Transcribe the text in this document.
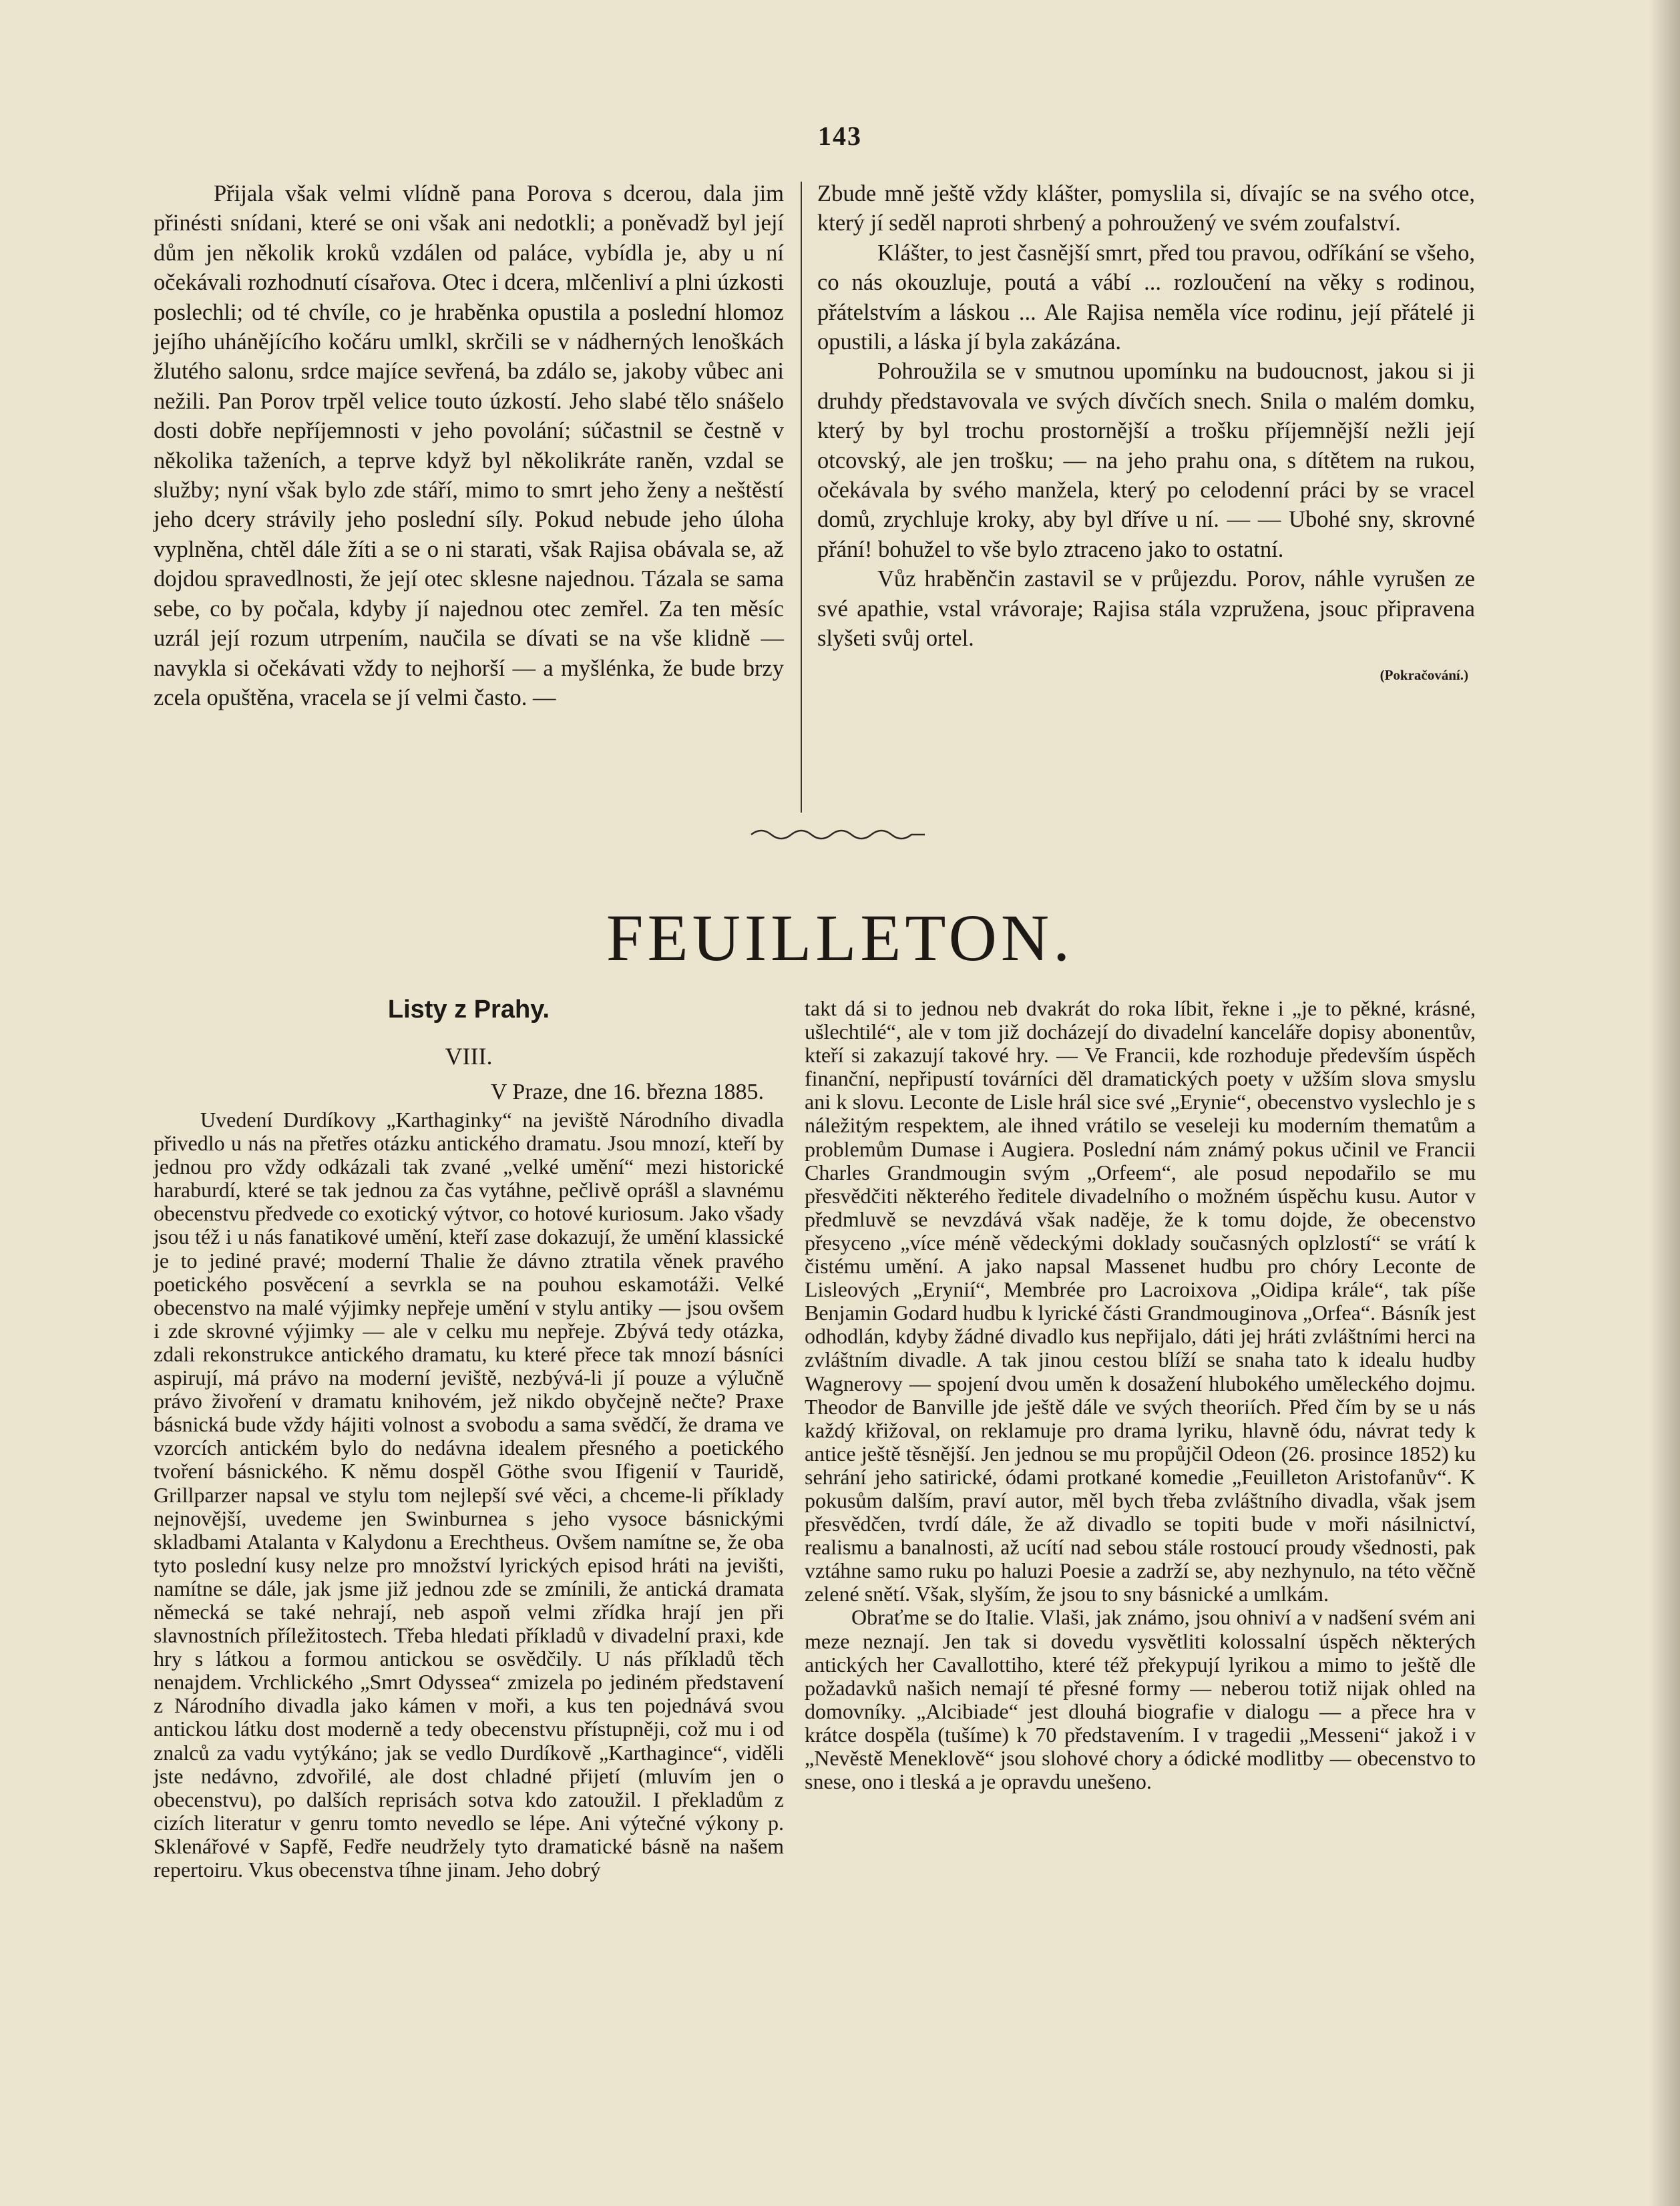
143

Přijala však velmi vlídně pana Porova s dcerou, dala jim přinésti snídani, které se oni však ani nedotkli; a poněvadž byl její dům jen několik kroků vzdálen od paláce, vybídla je, aby u ní očekávali rozhodnutí císařova. Otec i dcera, mlčenliví a plni úzkosti poslechli; od té chvíle, co je hraběnka opustila a poslední hlomoz jejího uhánějícího kočáru umlkl, skrčili se v nádherných lenoškách žlutého salonu, srdce majíce sevřená, ba zdálo se, jakoby vůbec ani nežili. Pan Porov trpěl velice touto úzkostí. Jeho slabé tělo snášelo dosti dobře nepříjemnosti v jeho povolání; súčastnil se čestně v několika taženích, a teprve když byl několikráte raněn, vzdal se služby; nyní však bylo zde stáří, mimo to smrt jeho ženy a neštěstí jeho dcery strávily jeho poslední síly. Pokud nebude jeho úloha vyplněna, chtěl dále žíti a se o ni starati, však Rajisa obávala se, až dojdou spravedlnosti, že její otec sklesne najednou. Tázala se sama sebe, co by počala, kdyby jí najednou otec zemřel. Za ten měsíc uzrál její rozum utrpením, naučila se dívati se na vše klidně — navykla si očekávati vždy to nejhorší — a myšlénka, že bude brzy zcela opuštěna, vracela se jí velmi často. —

Zbude mně ještě vždy klášter, pomyslila si, dívajíc se na svého otce, který jí seděl naproti shrbený a pohroužený ve svém zoufalství.

Klášter, to jest časnější smrt, před tou pravou, odříkání se všeho, co nás okouzluje, poutá a vábí ... rozloučení na věky s rodinou, přátelstvím a láskou ... Ale Rajisa neměla více rodinu, její přátelé ji opustili, a láska jí byla zakázána.

Pohroužila se v smutnou upomínku na budoucnost, jakou si ji druhdy představovala ve svých dívčích snech. Snila o malém domku, který by byl trochu prostornější a trošku příjemnější nežli její otcovský, ale jen trošku; — na jeho prahu ona, s dítětem na rukou, očekávala by svého manžela, který po celodenní práci by se vracel domů, zrychluje kroky, aby byl dříve u ní. — — Ubohé sny, skrovné přání! bohužel to vše bylo ztraceno jako to ostatní.

Vůz hraběnčin zastavil se v průjezdu. Porov, náhle vyrušen ze své apathie, vstal vrávoraje; Rajisa stála vzpružena, jsouc připravena slyšeti svůj ortel.

(Pokračování.)
FEUILLETON.
Listy z Prahy.
VIII.
V Praze, dne 16. března 1885.

Uvedení Durdíkovy „Karthaginky“ na jeviště Národního divadla přivedlo u nás na přetřes otázku antického dramatu. Jsou mnozí, kteří by jednou pro vždy odkázali tak zvané „velké umění“ mezi historické haraburdí, které se tak jednou za čas vytáhne, pečlivě oprášl a slavnému obecenstvu předvede co exotický výtvor, co hotové kuriosum. Jako všady jsou též i u nás fanatikové umění, kteří zase dokazují, že umění klassické je to jediné pravé; moderní Thalie že dávno ztratila věnek pravého poetického posvěcení a sevrkla se na pouhou eskamotáži. Velké obecenstvo na malé výjimky nepřeje umění v stylu antiky — jsou ovšem i zde skrovné výjimky — ale v celku mu nepřeje. Zbývá tedy otázka, zdali rekonstrukce antického dramatu, ku které přece tak mnozí básníci aspirují, má právo na moderní jeviště, nezbývá-li jí pouze a výlučně právo živoření v dramatu knihovém, jež nikdo obyčejně nečte? Praxe básnická bude vždy hájiti volnost a svobodu a sama svědčí, že drama ve vzorcích antickém bylo do nedávna idealem přesného a poetického tvoření básnického. K němu dospěl Göthe svou Ifigenií v Tauridě, Grillparzer napsal ve stylu tom nejlepší své věci, a chceme-li příklady nejnovější, uvedeme jen Swinburnea s jeho vysoce básnickými skladbami Atalanta v Kalydonu a Erechtheus. Ovšem namítne se, že oba tyto poslední kusy nelze pro množství lyrických episod hráti na jevišti, namítne se dále, jak jsme již jednou zde se zmínili, že antická dramata německá se také nehrají, neb aspoň velmi zřídka hrají jen při slavnostních příležitostech. Třeba hledati příkladů v divadelní praxi, kde hry s látkou a formou antickou se osvědčily. U nás příkladů těch nenajdem. Vrchlického „Smrt Odyssea“ zmizela po jediném představení z Národního divadla jako kámen v moři, a kus ten pojednává svou antickou látku dost moderně a tedy obecenstvu přístupněji, což mu i od znalců za vadu vytýkáno; jak se vedlo Durdíkově „Karthagince“, viděli jste nedávno, zdvořilé, ale dost chladné přijetí (mluvím jen o obecenstvu), po dalších reprisách sotva kdo zatoužil. I překladům z cizích literatur v genru tomto nevedlo se lépe. Ani výtečné výkony p. Sklenářové v Sapfě, Fedře neudržely tyto dramatické básně na našem repertoiru. Vkus obecenstva tíhne jinam. Jeho dobrý

takt dá si to jednou neb dvakrát do roka líbit, řekne i „je to pěkné, krásné, ušlechtilé“, ale v tom již docházejí do divadelní kanceláře dopisy abonentův, kteří si zakazují takové hry. — Ve Francii, kde rozhoduje především úspěch finanční, nepřipustí továrníci děl dramatických poety v užším slova smyslu ani k slovu. Leconte de Lisle hrál sice své „Erynie“, obecenstvo vyslechlo je s náležitým respektem, ale ihned vrátilo se veseleji ku moderním thematům a problemům Dumase i Augiera. Poslední nám známý pokus učinil ve Francii Charles Grandmougin svým „Orfeem“, ale posud nepodařilo se mu přesvědčiti některého ředitele divadelního o možném úspěchu kusu. Autor v předmluvě se nevzdává však naděje, že k tomu dojde, že obecenstvo přesyceno „více méně vědeckými doklady současných oplzlostí“ se vrátí k čistému umění. A jako napsal Massenet hudbu pro chóry Leconte de Lisleových „Erynií“, Membrée pro Lacroixova „Oidipa krále“, tak píše Benjamin Godard hudbu k lyrické části Grandmouginova „Orfea“. Básník jest odhodlán, kdyby žádné divadlo kus nepřijalo, dáti jej hráti zvláštními herci na zvláštním divadle. A tak jinou cestou blíží se snaha tato k idealu hudby Wagnerovy — spojení dvou uměn k dosažení hlubokého uměleckého dojmu. Theodor de Banville jde ještě dále ve svých theoriích. Před čím by se u nás každý křižoval, on reklamuje pro drama lyriku, hlavně ódu, návrat tedy k antice ještě těsnější. Jen jednou se mu propůjčil Odeon (26. prosince 1852) ku sehrání jeho satirické, ódami protkané komedie „Feuilleton Aristofanův“. K pokusům dalším, praví autor, měl bych třeba zvláštního divadla, však jsem přesvědčen, tvrdí dále, že až divadlo se topiti bude v moři násilnictví, realismu a banalnosti, až ucítí nad sebou stále rostoucí proudy všednosti, pak vztáhne samo ruku po haluzi Poesie a zadrží se, aby nezhynulo, na této věčně zelené snětí. Však, slyším, že jsou to sny básnické a umlkám.

Obraťme se do Italie. Vlaši, jak známo, jsou ohniví a v nadšení svém ani meze neznají. Jen tak si dovedu vysvětliti kolossalní úspěch některých antických her Cavallottiho, které též překypují lyrikou a mimo to ještě dle požadavků našich nemají té přesné formy — neberou totiž nijak ohled na domovníky. „Alcibiade“ jest dlouhá biografie v dialogu — a přece hra v krátce dospěla (tušíme) k 70 představením. I v tragedii „Messeni“ jakož i v „Nevěstě Meneklově“ jsou slohové chory a ódické modlitby — obecenstvo to snese, ono i tleská a je opravdu unešeno.
